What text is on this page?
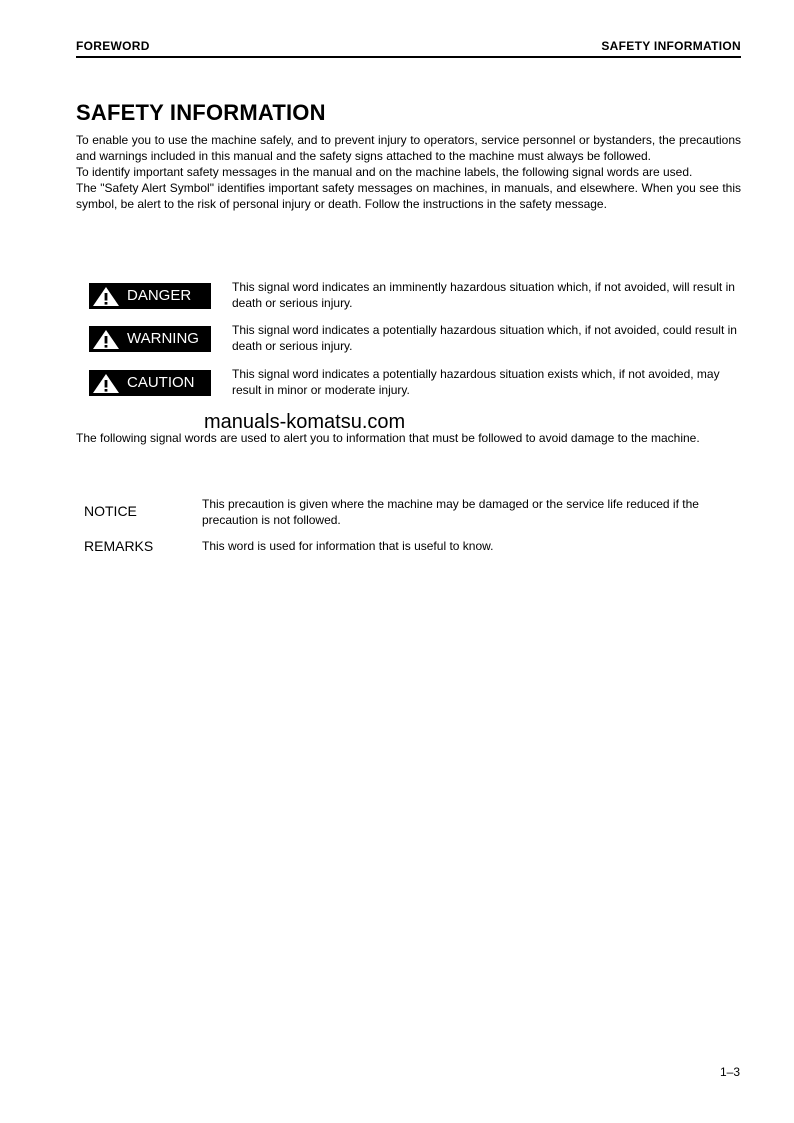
FOREWORD	SAFETY INFORMATION
SAFETY INFORMATION

To enable you to use the machine safely, and to prevent injury to operators, service personnel or bystanders, the precautions and warnings included in this manual and the safety signs attached to the machine must always be followed.

To identify important safety messages in the manual and on the machine labels, the following signal words are used.

The "Safety Alert Symbol" identifies important safety messages on machines, in manuals, and elsewhere. When you see this symbol, be alert to the risk of personal injury or death. Follow the instructions in the safety message.

DANGER	This signal word indicates an imminently hazardous situation which, if not avoided, will result in death or serious injury.
WARNING	This signal word indicates a potentially hazardous situation which, if not avoided, could result in death or serious injury.
CAUTION	This signal word indicates a potentially hazardous situation exists which, if not avoided, may result in minor or moderate injury.
The following signal words are used to alert you to information that must be followed to avoid damage to the machine.
manuals-komatsu.com
NOTICE	This precaution is given where the machine may be damaged or the service life reduced if the precaution is not followed.
REMARKS	This word is used for information that is useful to know.
1–3
